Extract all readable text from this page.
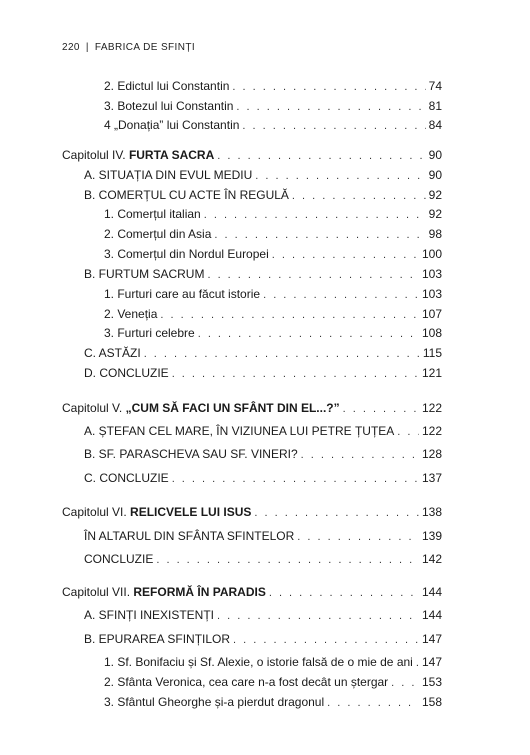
220 | FABRICA DE SFINȚI
2. Edictul lui Constantin . . .	74
3. Botezul lui Constantin . . .	81
4 „Donația” lui Constantin . . .	84
Capitolul IV. FURTA SACRA . . .	90
A. SITUAȚIA DIN EVUL MEDIU . . .	90
B. COMERȚUL CU ACTE ÎN REGULĂ . . .	92
1. Comerțul italian . . .	92
2. Comerțul din Asia . . .	98
3. Comerțul din Nordul Europei . . .	100
B. FURTUM SACRUM . . .	103
1. Furturi care au făcut istorie . . .	103
2. Veneția . . .	107
3. Furturi celebre . . .	108
C. ASTĂZI . . .	115
D. CONCLUZIE . . .	121
Capitolul V. „CUM SĂ FACI UN SFÂNT DIN EL...?” . . .	122
A. ȘTEFAN CEL MARE, ÎN VIZIUNEA LUI PETRE ȚUȚEA . . . 122
B. SF. PARASCHEVA SAU SF. VINERI? . . .	128
C. CONCLUZIE . . .	137
Capitolul VI. RELICVELE LUI ISUS . . .	138
ÎN ALTARUL DIN SFÂNTA SFINTELOR . . .	139
CONCLUZIE . . .	142
Capitolul VII. REFORMĂ ÎN PARADIS . . .	144
A. SFINȚI INEXISTENȚI . . .	144
B. EPURAREA SFINȚILOR . . .	147
1. Sf. Bonifaciu și Sf. Alexie, o istorie falsă de o mie de ani . . . 147
2. Sfânta Veronica, cea care n-a fost decât un ștergar . . .	153
3. Sfântul Gheorghe și-a pierdut dragonul . . .	158
